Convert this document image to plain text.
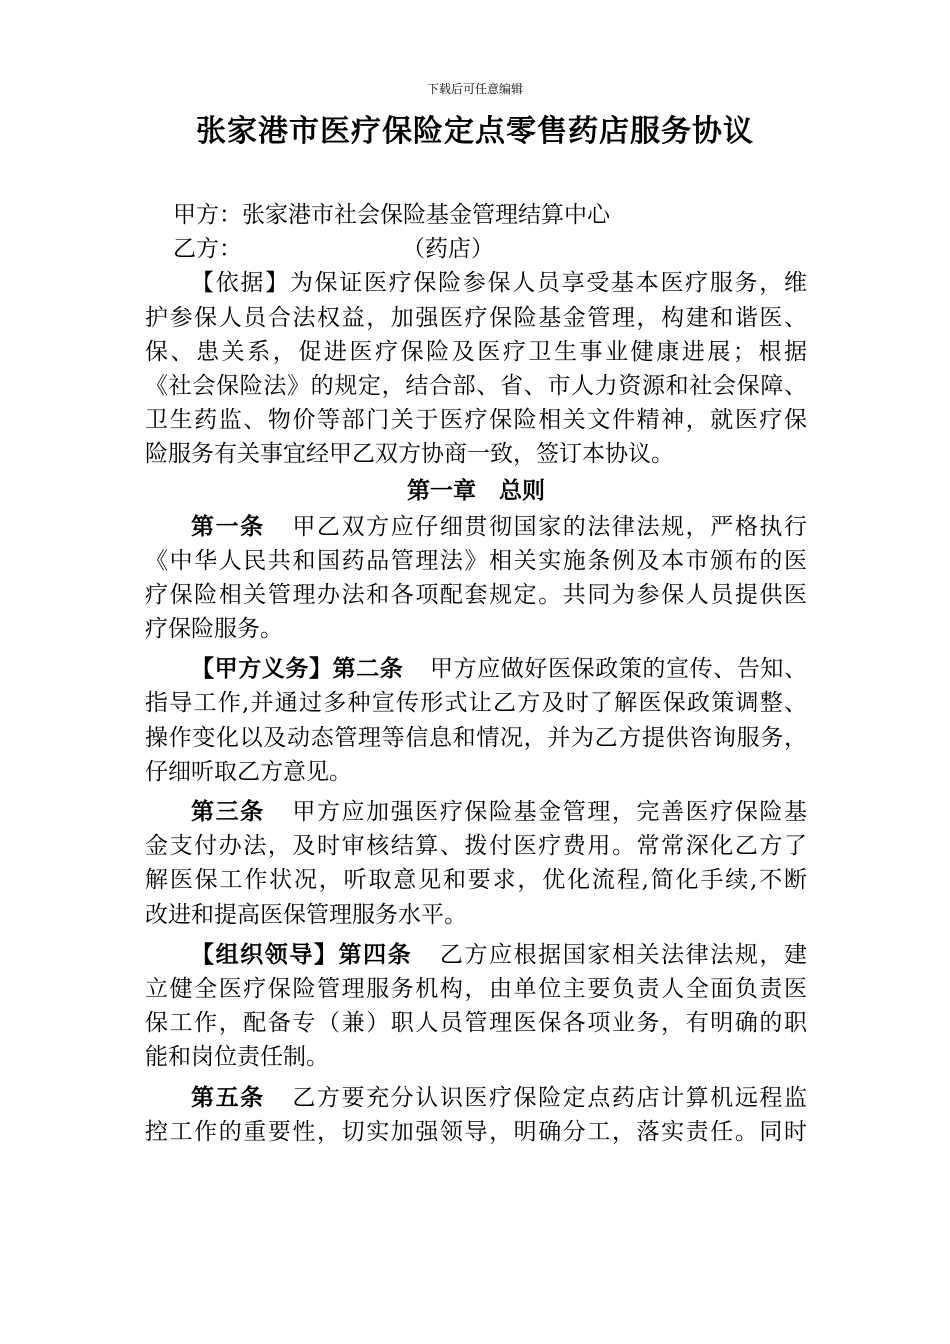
下载后可任意编辑
张家港市医疗保险定点零售药店服务协议
甲方：张家港市社会保险基金管理结算中心
乙方：	（药店）
【依据】为保证医疗保险参保人员享受基本医疗服务，维
护参保人员合法权益，加强医疗保险基金管理，构建和谐医、
保、患关系，促进医疗保险及医疗卫生事业健康进展；根据
《社会保险法》的规定，结合部、省、市人力资源和社会保障、
卫生药监、物价等部门关于医疗保险相关文件精神，就医疗保
险服务有关事宜经甲乙双方协商一致，签订本协议。
第一章　总则
第一条 甲乙双方应仔细贯彻国家的法律法规，严格执行
《中华人民共和国药品管理法》相关实施条例及本市颁布的医
疗保险相关管理办法和各项配套规定。共同为参保人员提供医
疗保险服务。
【甲方义务】第二条 甲方应做好医保政策的宣传、告知、
指导工作,并通过多种宣传形式让乙方及时了解医保政策调整、
操作变化以及动态管理等信息和情况，并为乙方提供咨询服务，
仔细听取乙方意见。
第三条 甲方应加强医疗保险基金管理，完善医疗保险基
金支付办法，及时审核结算、拨付医疗费用。常常深化乙方了
解医保工作状况，听取意见和要求，优化流程,简化手续,不断
改进和提高医保管理服务水平。
【组织领导】第四条 乙方应根据国家相关法律法规，建
立健全医疗保险管理服务机构，由单位主要负责人全面负责医
保工作，配备专（兼）职人员管理医保各项业务，有明确的职
能和岗位责任制。
第五条 乙方要充分认识医疗保险定点药店计算机远程监
控工作的重要性，切实加强领导，明确分工，落实责任。同时
